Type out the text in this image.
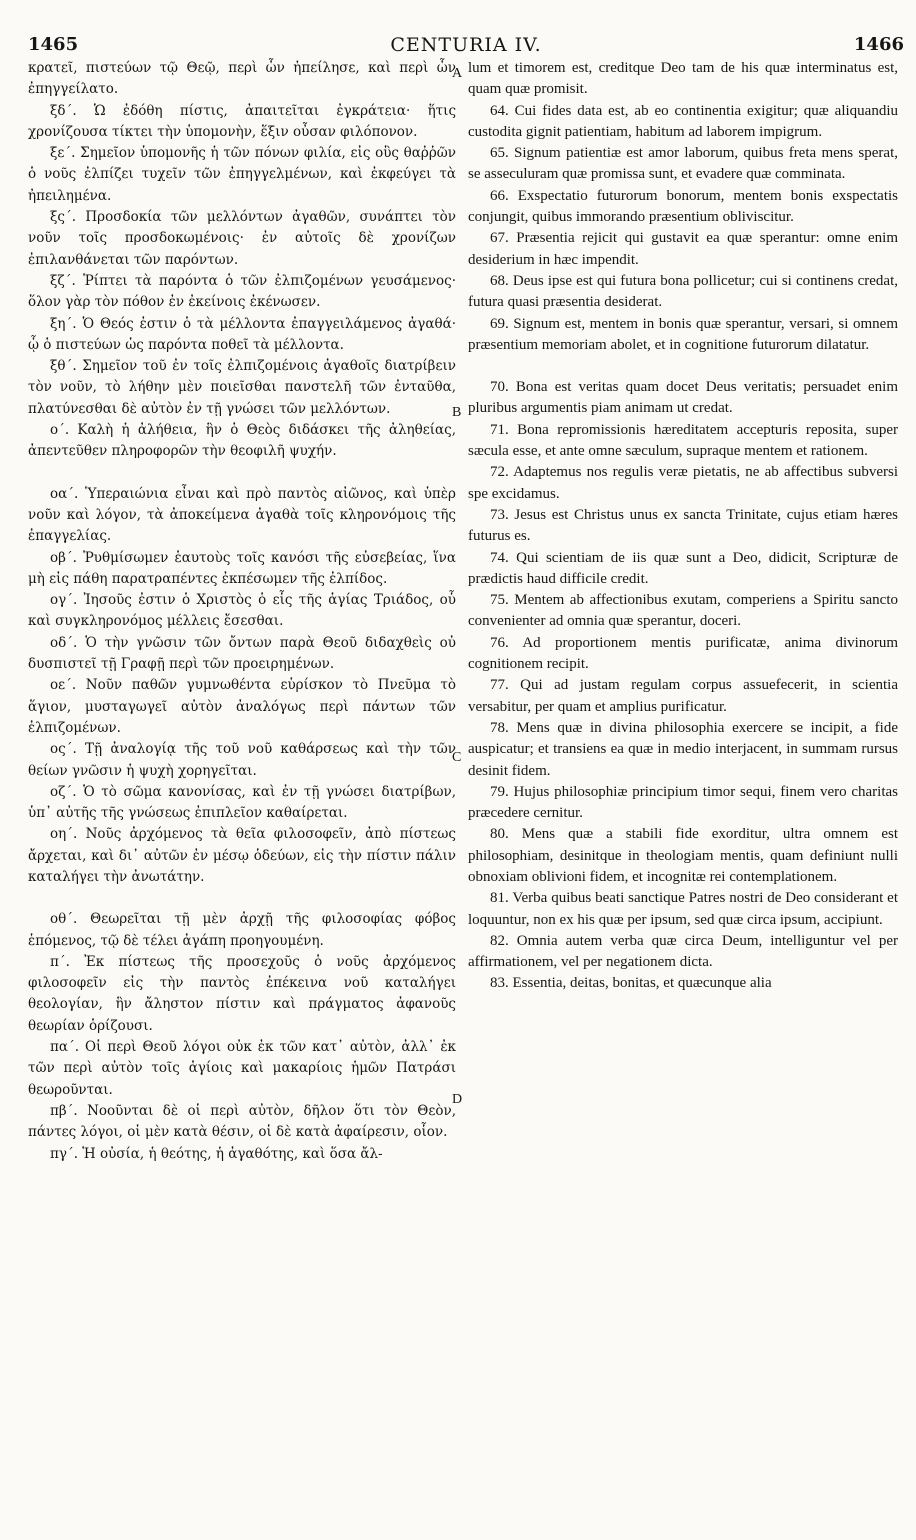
1465	CENTURIA IV.	1466

κρατεῖ, πιστεύων τῷ Θεῷ, περὶ ὧν ἠπείλησε, καὶ περὶ ὧν ἐπηγγείλατο.

ξδ΄. Ὡ ἐδόθη πίστις, ἀπαιτεῖται ἐγκράτεια· ἥτις χρονίζουσα τίκτει τὴν ὑπομονὴν, ἕξιν οὖσαν φιλόπονον.

ξε΄. Σημεῖον ὑπομονῆς ἡ τῶν πόνων φιλία, εἰς οὓς θαῤῥῶν ὁ νοῦς ἐλπίζει τυχεῖν τῶν ἐπηγγελμένων, καὶ ἐκφεύγει τὰ ἠπειλημένα.

ξς΄. Προσδοκία τῶν μελλόντων ἀγαθῶν, συνάπτει τὸν νοῦν τοῖς προσδοκωμένοις· ἐν αὐτοῖς δὲ χρονίζων ἐπιλανθάνεται τῶν παρόντων.

ξζ΄. Ῥίπτει τὰ παρόντα ὁ τῶν ἐλπιζομένων γευσάμενος· ὅλον γὰρ τὸν πόθον ἐν ἐκείνοις ἐκένωσεν.

ξη΄. Ὁ Θεός ἐστιν ὁ τὰ μέλλοντα ἐπαγγειλάμενος ἀγαθά· ᾧ ὁ πιστεύων ὡς παρόντα ποθεῖ τὰ μέλλοντα.

ξθ΄. Σημεῖον τοῦ ἐν τοῖς ἐλπιζομένοις ἀγαθοῖς διατρίβειν τὸν νοῦν, τὸ λήθην μὲν ποιεῖσθαι πανστελῆ τῶν ἐνταῦθα, πλατύνεσθαι δὲ αὐτὸν ἐν τῇ γνώσει τῶν μελλόντων.

ο΄. Καλὴ ἡ ἀλήθεια, ἣν ὁ Θεὸς διδάσκει τῆς ἀληθείας, ἀπεντεῦθεν πληροφορῶν τὴν θεοφιλῆ ψυχήν.

οα΄. Ὑπεραιώνια εἶναι καὶ πρὸ παντὸς αἰῶνος, καὶ ὑπὲρ νοῦν καὶ λόγον, τὰ ἀποκείμενα ἀγαθὰ τοῖς κληρονόμοις τῆς ἐπαγγελίας.

οβ΄. Ῥυθμίσωμεν ἑαυτοὺς τοῖς κανόσι τῆς εὐσεβείας, ἵνα μὴ εἰς πάθη παρατραπέντες ἐκπέσωμεν τῆς ἐλπίδος.

ογ΄. Ἰησοῦς ἐστιν ὁ Χριστὸς ὁ εἷς τῆς ἁγίας Τριάδος, οὗ καὶ συγκληρονόμος μέλλεις ἔσεσθαι.

οδ΄. Ὁ τὴν γνῶσιν τῶν ὄντων παρὰ Θεοῦ διδαχθεὶς οὐ δυσπιστεῖ τῇ Γραφῇ περὶ τῶν προειρημένων.

οε΄. Νοῦν παθῶν γυμνωθέντα εὑρίσκον τὸ Πνεῦμα τὸ ἅγιον, μυσταγωγεῖ αὐτὸν ἀναλόγως περὶ πάντων τῶν ἐλπιζομένων.

ος΄. Τῇ ἀναλογίᾳ τῆς τοῦ νοῦ καθάρσεως καὶ τὴν τῶν θείων γνῶσιν ἡ ψυχὴ χορηγεῖται.

οζ΄. Ὁ τὸ σῶμα κανονίσας, καὶ ἐν τῇ γνώσει διατρίβων, ὑπ᾽ αὐτῆς τῆς γνώσεως ἐπιπλεῖον καθαίρεται.

οη΄. Νοῦς ἀρχόμενος τὰ θεῖα φιλοσοφεῖν, ἀπὸ πίστεως ἄρχεται, καὶ δι᾽ αὐτῶν ἐν μέσῳ ὁδεύων, εἰς τὴν πίστιν πάλιν καταλήγει τὴν ἀνωτάτην.

οθ΄. Θεωρεῖται τῇ μὲν ἀρχῇ τῆς φιλοσοφίας φόβος ἑπόμενος, τῷ δὲ τέλει ἀγάπη προηγουμένη.

π΄. Ἐκ πίστεως τῆς προσεχοῦς ὁ νοῦς ἀρχόμενος φιλοσοφεῖν εἰς τὴν παντὸς ἐπέκεινα νοῦ καταλήγει θεολογίαν, ἣν ἄληστον πίστιν καὶ πράγματος ἀφανοῦς θεωρίαν ὁρίζουσι.

πα΄. Οἱ περὶ Θεοῦ λόγοι οὐκ ἐκ τῶν κατ᾽ αὐτὸν, ἀλλ᾽ ἐκ τῶν περὶ αὐτὸν τοῖς ἁγίοις καὶ μακαρίοις ἡμῶν Πατράσι θεωροῦνται.

πβ΄. Νοοῦνται δὲ οἱ περὶ αὐτὸν, δῆλον ὅτι τὸν Θεὸν, πάντες λόγοι, οἱ μὲν κατὰ θέσιν, οἱ δὲ κατὰ ἀφαίρεσιν, οἷον.

πγ΄. Ἡ οὐσία, ἡ θεότης, ἡ ἀγαθότης, καὶ ὅσα ἄλ-

lum et timorem est, creditque Deo tam de his quæ interminatus est, quam quæ promisit.

64. Cui fides data est, ab eo continentia exigitur; quæ aliquandiu custodita gignit patientiam, habitum ad laborem impigrum.

65. Signum patientiæ est amor laborum, quibus freta mens sperat, se asseculuram quæ promissa sunt, et evadere quæ comminata.

66. Exspectatio futurorum bonorum, mentem bonis exspectatis conjungit, quibus immorando præsentium obliviscitur.

67. Præsentia rejicit qui gustavit ea quæ sperantur: omne enim desiderium in hæc impendit.

68. Deus ipse est qui futura bona pollicetur; cui si continens credat, futura quasi præsentia desiderat.

69. Signum est, mentem in bonis quæ sperantur, versari, si omnem præsentium memoriam abolet, et in cognitione futurorum dilatatur.

70. Bona est veritas quam docet Deus veritatis; persuadet enim pluribus argumentis piam animam ut credat.

71. Bona repromissionis hæreditatem accepturis reposita, super sæcula esse, et ante omne sæculum, supraque mentem et rationem.

72. Adaptemus nos regulis veræ pietatis, ne ab affectibus subversi spe excidamus.

73. Jesus est Christus unus ex sancta Trinitate, cujus etiam hæres futurus es.

74. Qui scientiam de iis quæ sunt a Deo, didicit, Scripturæ de prædictis haud difficile credit.

75. Mentem ab affectionibus exutam, comperiens a Spiritu sancto convenienter ad omnia quæ sperantur, doceri.

76. Ad proportionem mentis purificatæ, anima divinorum cognitionem recipit.

77. Qui ad justam regulam corpus assuefecerit, in scientia versabitur, per quam et amplius purificatur.

78. Mens quæ in divina philosophia exercere se incipit, a fide auspicatur; et transiens ea quæ in medio interjacent, in summam rursus desinit fidem.

79. Hujus philosophiæ principium timor sequi, finem vero charitas præcedere cernitur.

80. Mens quæ a stabili fide exorditur, ultra omnem est philosophiam, desinitque in theologiam mentis, quam definiunt nulli obnoxiam oblivioni fidem, et incognitæ rei contemplationem.

81. Verba quibus beati sanctique Patres nostri de Deo considerant et loquuntur, non ex his quæ per ipsum, sed quæ circa ipsum, accipiunt.

82. Omnia autem verba quæ circa Deum, intelliguntur vel per affirmationem, vel per negationem dicta.

83. Essentia, deitas, bonitas, et quæcunque alia

A
B
C
D
